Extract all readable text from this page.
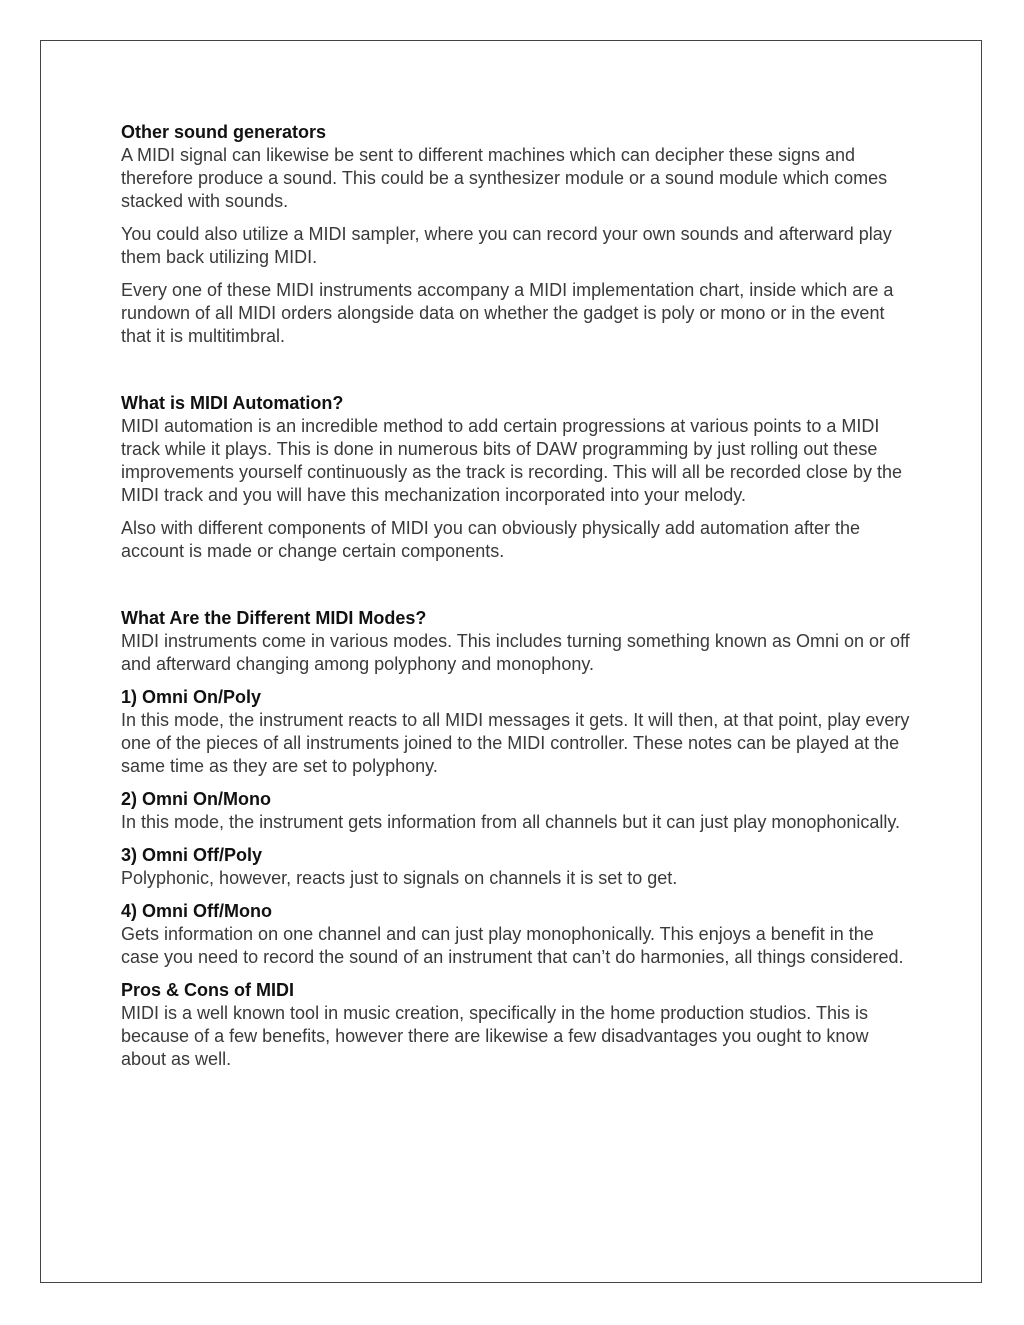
Other sound generators

A MIDI signal can likewise be sent to different machines which can decipher these signs and therefore produce a sound. This could be a synthesizer module or a sound module which comes stacked with sounds.

You could also utilize a MIDI sampler, where you can record your own sounds and afterward play them back utilizing MIDI.

Every one of these MIDI instruments accompany a MIDI implementation chart, inside which are a rundown of all MIDI orders alongside data on whether the gadget is poly or mono or in the event that it is multitimbral.

What is MIDI Automation?

MIDI automation is an incredible method to add certain progressions at various points to a MIDI track while it plays. This is done in numerous bits of DAW programming by just rolling out these improvements yourself continuously as the track is recording. This will all be recorded close by the MIDI track and you will have this mechanization incorporated into your melody.

Also with different components of MIDI you can obviously physically add automation after the account is made or change certain components.

What Are the Different MIDI Modes?

MIDI instruments come in various modes. This includes turning something known as Omni on or off and afterward changing among polyphony and monophony.

1) Omni On/Poly

In this mode, the instrument reacts to all MIDI messages it gets. It will then, at that point, play every one of the pieces of all instruments joined to the MIDI controller. These notes can be played at the same time as they are set to polyphony.

2) Omni On/Mono

In this mode, the instrument gets information from all channels but it can just play monophonically.

3) Omni Off/Poly

Polyphonic, however, reacts just to signals on channels it is set to get.

4) Omni Off/Mono

Gets information on one channel and can just play monophonically. This enjoys a benefit in the case you need to record the sound of an instrument that can’t do harmonies, all things considered.

Pros & Cons of MIDI

MIDI is a well known tool in music creation, specifically in the home production studios. This is because of a few benefits, however there are likewise a few disadvantages you ought to know about as well.
